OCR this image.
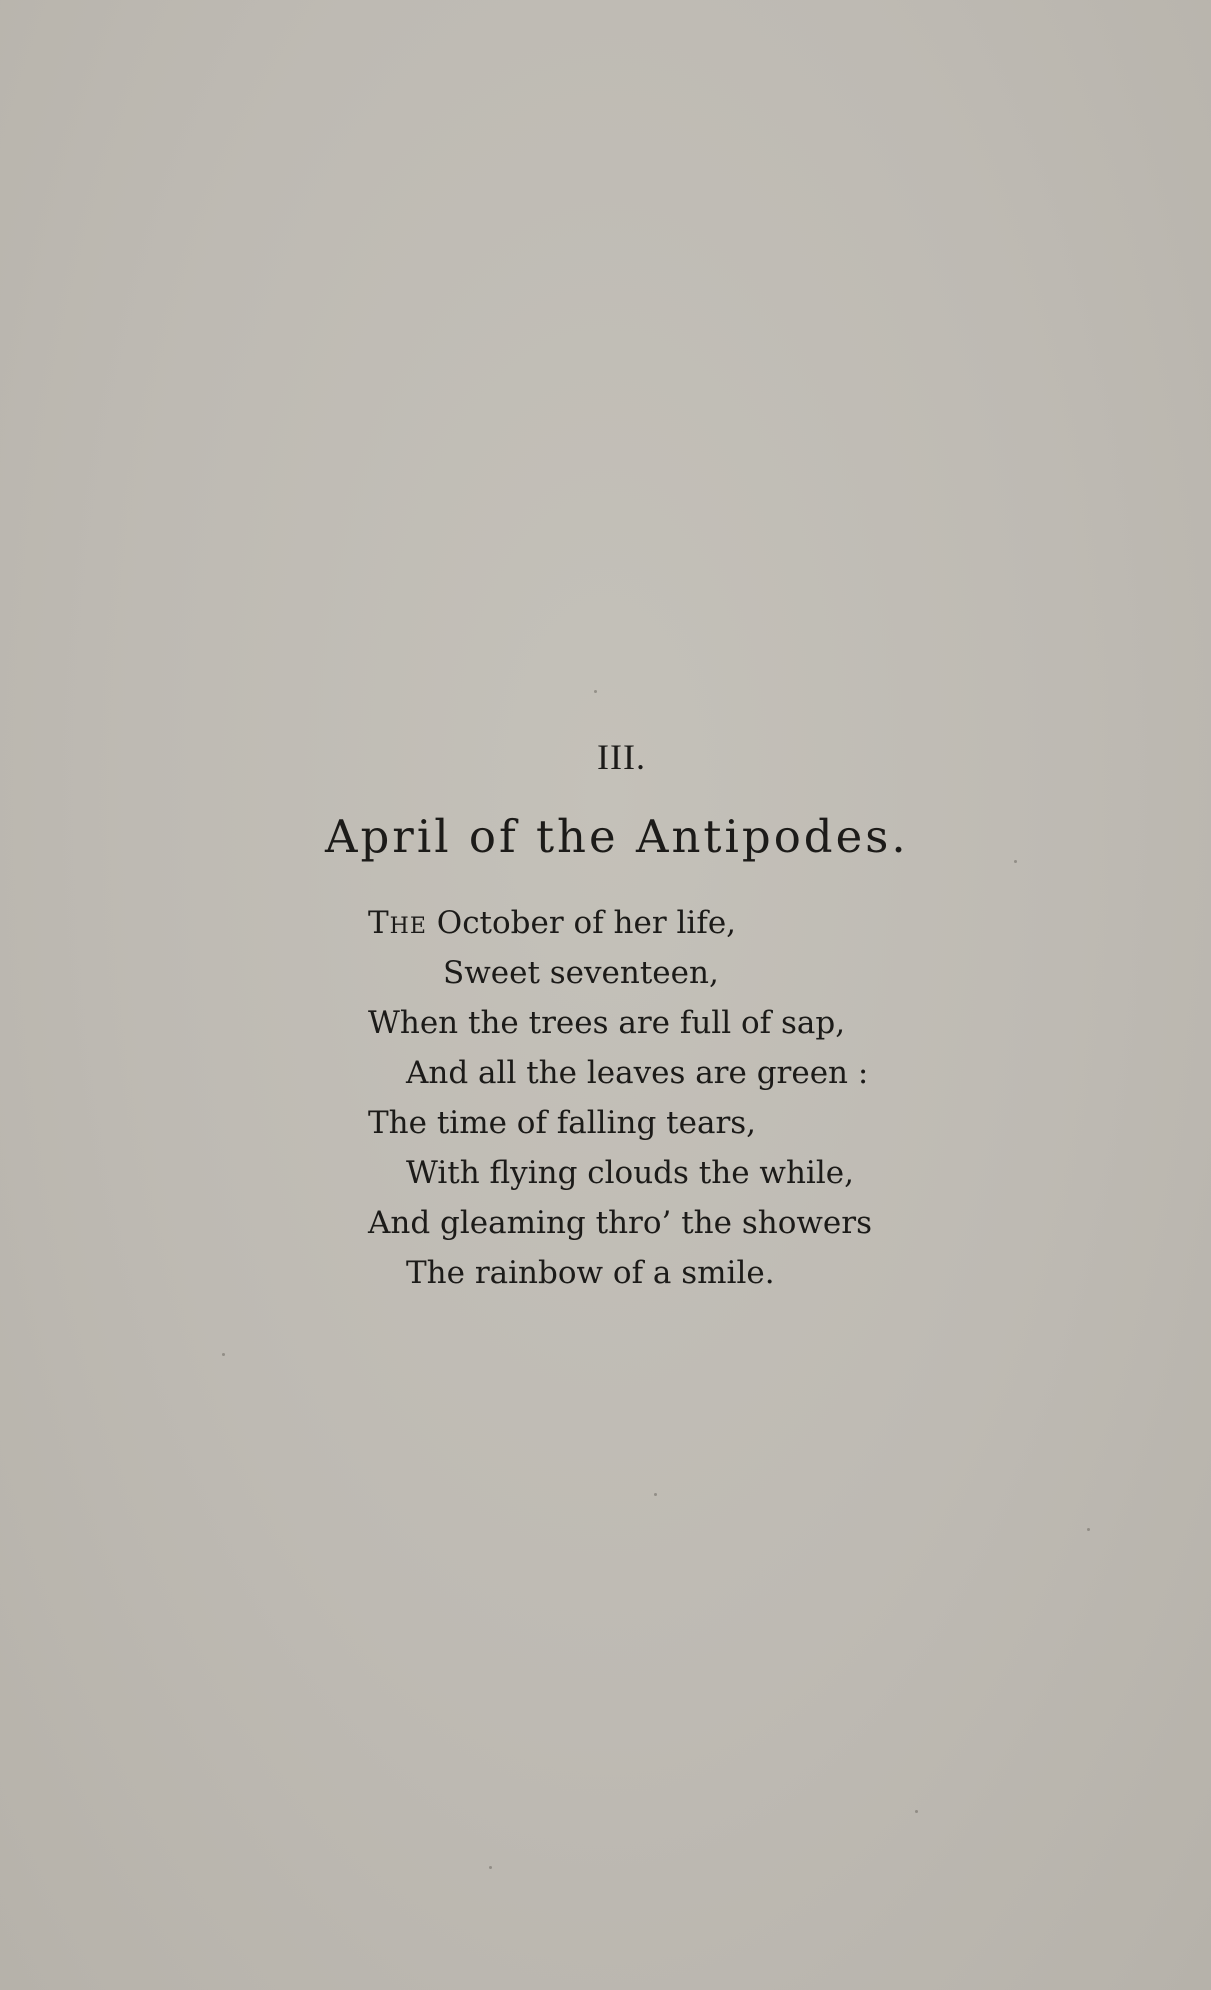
III.
April of the Antipodes.
The October of her life,
Sweet seventeen,
When the trees are full of sap,
And all the leaves are green :
The time of falling tears,
With flying clouds the while,
And gleaming thro’ the showers
The rainbow of a smile.
